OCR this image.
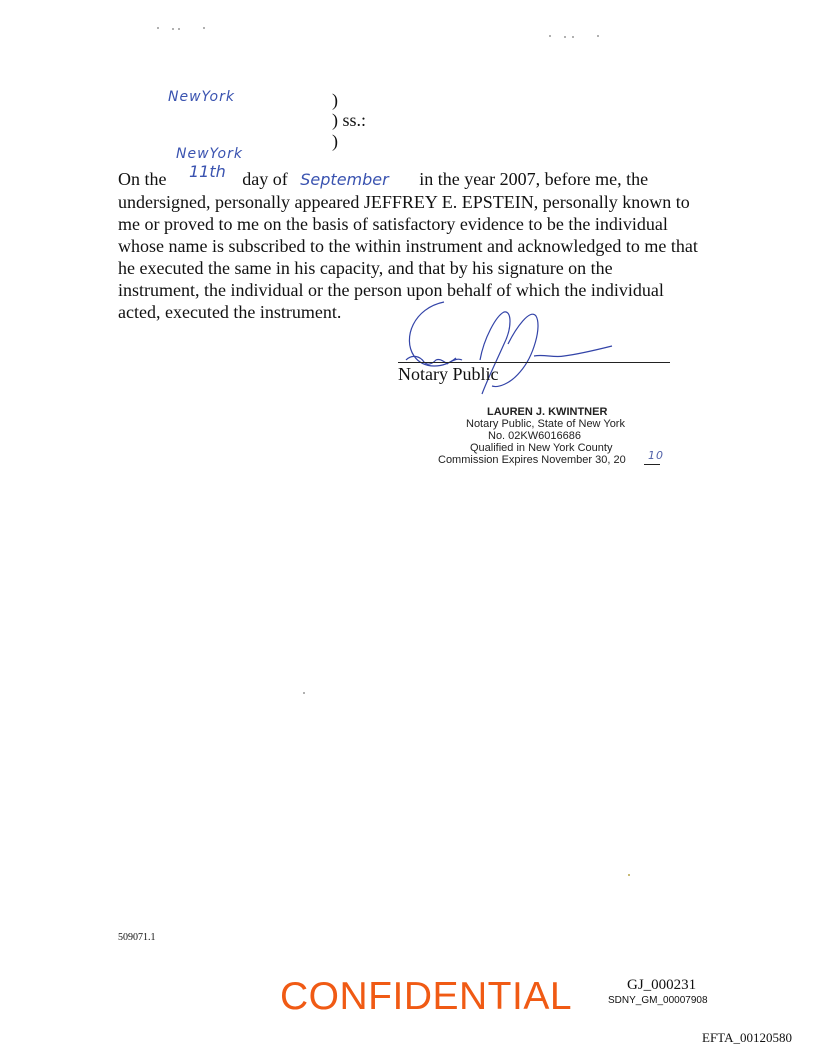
NewYork
NewYork
)
) ss.:
)

On the 11th day of September in the year 2007, before me, the

undersigned, personally appeared JEFFREY E. EPSTEIN, personally known to me or proved to me on the basis of satisfactory evidence to be the individual whose name is subscribed to the within instrument and acknowledged to me that he executed the same in his capacity, and that by his signature on the instrument, the individual or the person upon behalf of which the individual acted, executed the instrument.

Notary Public
LAUREN J. KWINTNER
Notary Public, State of New York
No. 02KW6016686
Qualified in New York County
Commission Expires November 30, 20 10
509071.1
CONFIDENTIAL	GJ_000231
SDNY_GM_00007908
EFTA_00120580
